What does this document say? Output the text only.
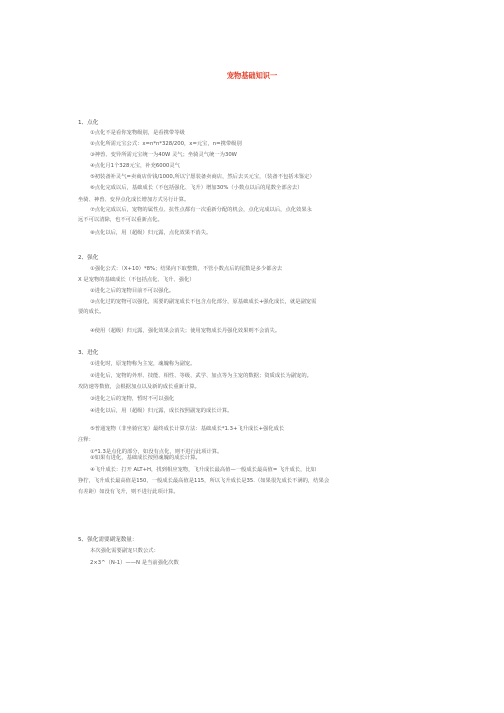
宠物基础知识一
1、点化
①点化不是看你宠物级别，是看携带等级
②点化所需元宝公式：x=n*n*328/200，x=元宝，n=携带级别
③神兽、变异所需元宝统一为40W 灵气；坐骑灵气统一为30W
④点化月1个328元宝，补充6000灵气
⑤初装备补灵气=卖商店价钱/1000,所以宁愿装备卖商店，然后去买元宝，（装备不包括未鉴定）
⑥点化完成以后，基础成长（不包括强化、飞升）增加30%（小数点以后的尾数全部舍去）
坐骑、神兽、变异点化成长增加方式另行计算。
⑦点化完成以后，宠物的属性点、抗性点都有一次重新分配的机会，点化完成以后，点化效果永
远不可以清除，也不可以重新点化。
⑧点化以后，用（超级）归元露，点化效果不消失。
2、强化
①强化公式：（X+10）*8%；结果向下取整数，不管小数点后的尾数是多少都舍去
X 是宠物的基础成长（不包括点化、飞升、强化）
②进化之后的宠物目前不可以强化。
③点化过的宠物可以强化，需要的副宠成长不包含点化部分，原基础成长+强化成长，就是副宠需
要的成长。
④使用（超级）归元露，强化效果会消失；使用宠物成长丹强化效果则不会消失。
3、进化
①进化时，原宠物称为主宠，魂魄称为副宠。
②进化后，宠物的外形、技能、相性、等级、武学、加点等为主宠的数据；资质成长为副宠的。
攻防速等数值，会根据加点以及新的成长重新计算。
③进化之后的宠物，暂时不可以强化
④进化以后，用（超级）归元露，成长按照副宠的成长计算。
⑤普通宠物（非坐骑官宠）最终成长计算方法：基础成长*1.3+飞升成长+强化成长
注释：
①*1.3是点化的部分，如没有点化，则不进行此项计算。
②如果有进化，基础成长按照魂魄的成长计算。
④飞升成长：打开 ALT+H，找到相应宠物，飞升成长最高值—一般成长最高值= 飞升成长，比如
狰狞，飞升成长最高值是150，一般成长最高值是115，所以飞升成长是35.（如果很先成长不满的，结果会
有差距）如没有飞升，则不进行此项计算。
5、强化需要副宠数量：
本次强化需要副宠只数公式：
2×3^（N-1）——N 是当前强化次数
